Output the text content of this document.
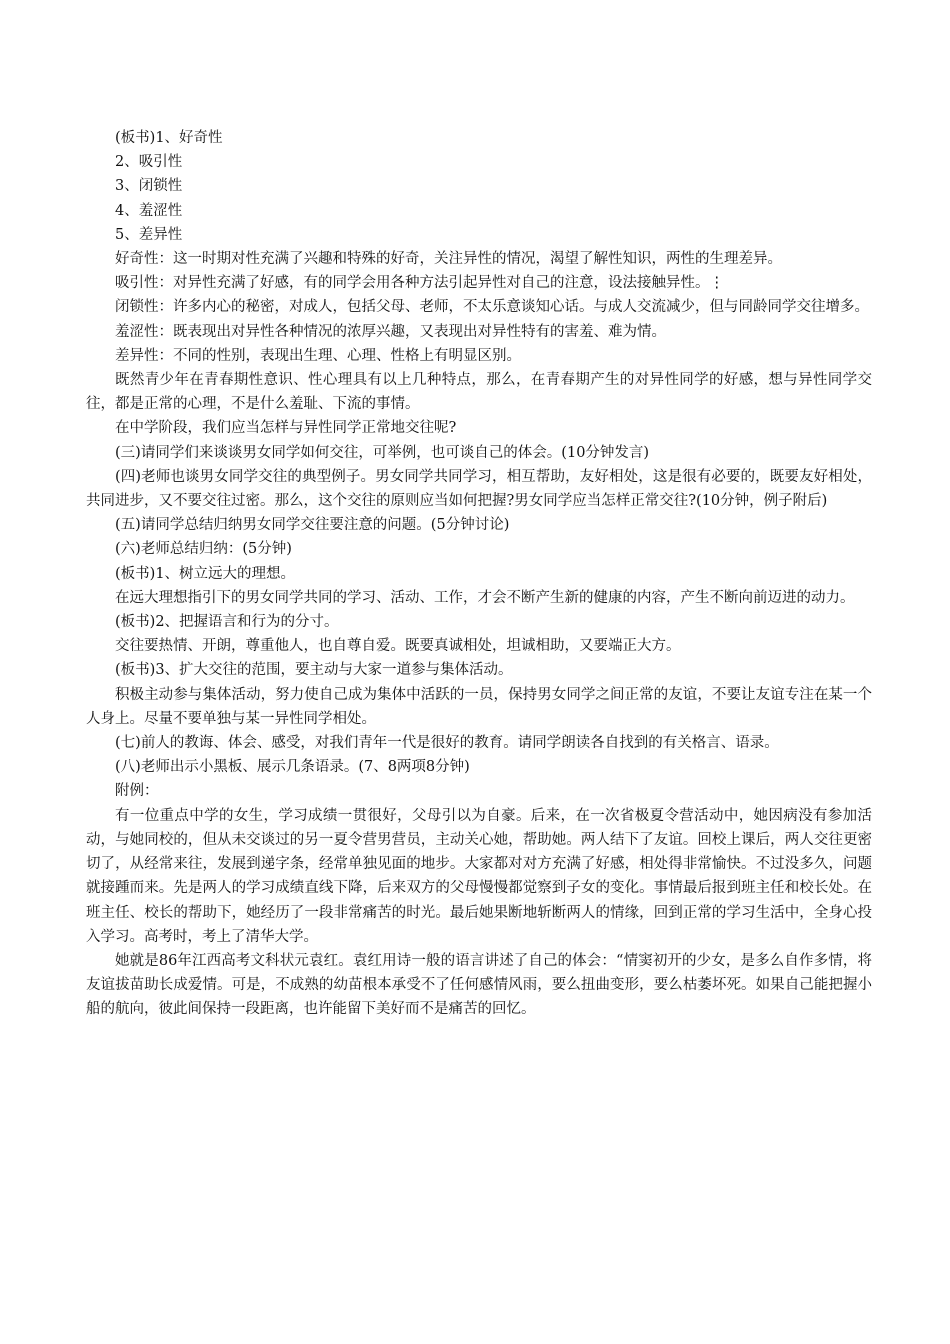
(板书)1、好奇性

2、吸引性

3、闭锁性

4、羞涩性

5、差异性

好奇性：这一时期对性充满了兴趣和特殊的好奇，关注异性的情况，渴望了解性知识，两性的生理差异。

吸引性：对异性充满了好感，有的同学会用各种方法引起异性对自己的注意，设法接触异性。⋮

闭锁性：许多内心的秘密，对成人，包括父母、老师，不太乐意谈知心话。与成人交流减少，但与同龄同学交往增多。

羞涩性：既表现出对异性各种情况的浓厚兴趣，又表现出对异性特有的害羞、难为情。

差异性：不同的性别，表现出生理、心理、性格上有明显区别。

既然青少年在青春期性意识、性心理具有以上几种特点，那么，在青春期产生的对异性同学的好感，想与异性同学交往，都是正常的心理，不是什么羞耻、下流的事情。

在中学阶段，我们应当怎样与异性同学正常地交往呢?

(三)请同学们来谈谈男女同学如何交往，可举例，也可谈自己的体会。(10分钟发言)

(四)老师也谈男女同学交往的典型例子。男女同学共同学习，相互帮助，友好相处，这是很有必要的，既要友好相处，共同进步，又不要交往过密。那么，这个交往的原则应当如何把握?男女同学应当怎样正常交往?(10分钟，例子附后)

(五)请同学总结归纳男女同学交往要注意的问题。(5分钟讨论)

(六)老师总结归纳：(5分钟)

(板书)1、树立远大的理想。

在远大理想指引下的男女同学共同的学习、活动、工作，才会不断产生新的健康的内容，产生不断向前迈进的动力。

(板书)2、把握语言和行为的分寸。

交往要热情、开朗，尊重他人，也自尊自爱。既要真诚相处，坦诚相助，又要端正大方。

(板书)3、扩大交往的范围，要主动与大家一道参与集体活动。

积极主动参与集体活动，努力使自己成为集体中活跃的一员，保持男女同学之间正常的友谊，不要让友谊专注在某一个人身上。尽量不要单独与某一异性同学相处。

(七)前人的教诲、体会、感受，对我们青年一代是很好的教育。请同学朗读各自找到的有关格言、语录。

(八)老师出示小黑板、展示几条语录。(7、8两项8分钟)

附例：

有一位重点中学的女生，学习成绩一贯很好，父母引以为自豪。后来，在一次省极夏令营活动中，她因病没有参加活动，与她同校的，但从未交谈过的另一夏令营男营员，主动关心她，帮助她。两人结下了友谊。回校上课后，两人交往更密切了，从经常来往，发展到递字条，经常单独见面的地步。大家都对对方充满了好感，相处得非常愉快。不过没多久，问题就接踵而来。先是两人的学习成绩直线下降，后来双方的父母慢慢都觉察到子女的变化。事情最后报到班主任和校长处。在班主任、校长的帮助下，她经历了一段非常痛苦的时光。最后她果断地斩断两人的情缘，回到正常的学习生活中，全身心投入学习。高考时，考上了清华大学。

她就是86年江西高考文科状元袁红。袁红用诗一般的语言讲述了自己的体会：“情窦初开的少女，是多么自作多情，将友谊拔苗助长成爱情。可是，不成熟的幼苗根本承受不了任何感情风雨，要么扭曲变形，要么枯萎坏死。如果自己能把握小船的航向，彼此间保持一段距离，也许能留下美好而不是痛苦的回忆。
